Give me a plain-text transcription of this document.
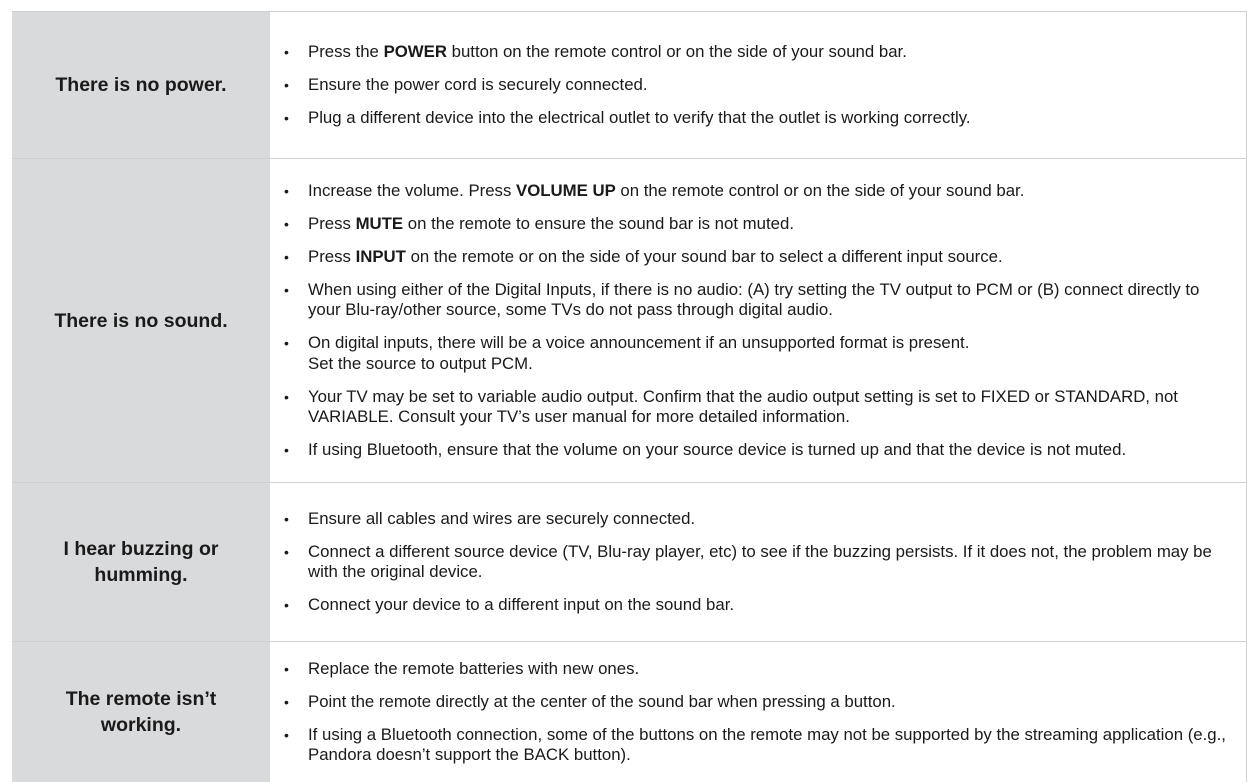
There is no power.
• Press the POWER button on the remote control or on the side of your sound bar.
• Ensure the power cord is securely connected.
• Plug a different device into the electrical outlet to verify that the outlet is working correctly.
There is no sound.
• Increase the volume. Press VOLUME UP on the remote control or on the side of your sound bar.
• Press MUTE on the remote to ensure the sound bar is not muted.
• Press INPUT on the remote or on the side of your sound bar to select a different input source.
• When using either of the Digital Inputs, if there is no audio: (A) try setting the TV output to PCM or (B) connect directly to your Blu-ray/other source, some TVs do not pass through digital audio.
• On digital inputs, there will be a voice announcement if an unsupported format is present.
Set the source to output PCM.
• Your TV may be set to variable audio output. Confirm that the audio output setting is set to FIXED or STANDARD, not VARIABLE. Consult your TV’s user manual for more detailed information.
• If using Bluetooth, ensure that the volume on your source device is turned up and that the device is not muted.
I hear buzzing or
humming.
• Ensure all cables and wires are securely connected.
• Connect a different source device (TV, Blu-ray player, etc) to see if the buzzing persists. If it does not, the problem may be with the original device.
• Connect your device to a different input on the sound bar.
The remote isn’t
working.
• Replace the remote batteries with new ones.
• Point the remote directly at the center of the sound bar when pressing a button.
• If using a Bluetooth connection, some of the buttons on the remote may not be supported by the streaming application (e.g., Pandora doesn’t support the BACK button).
